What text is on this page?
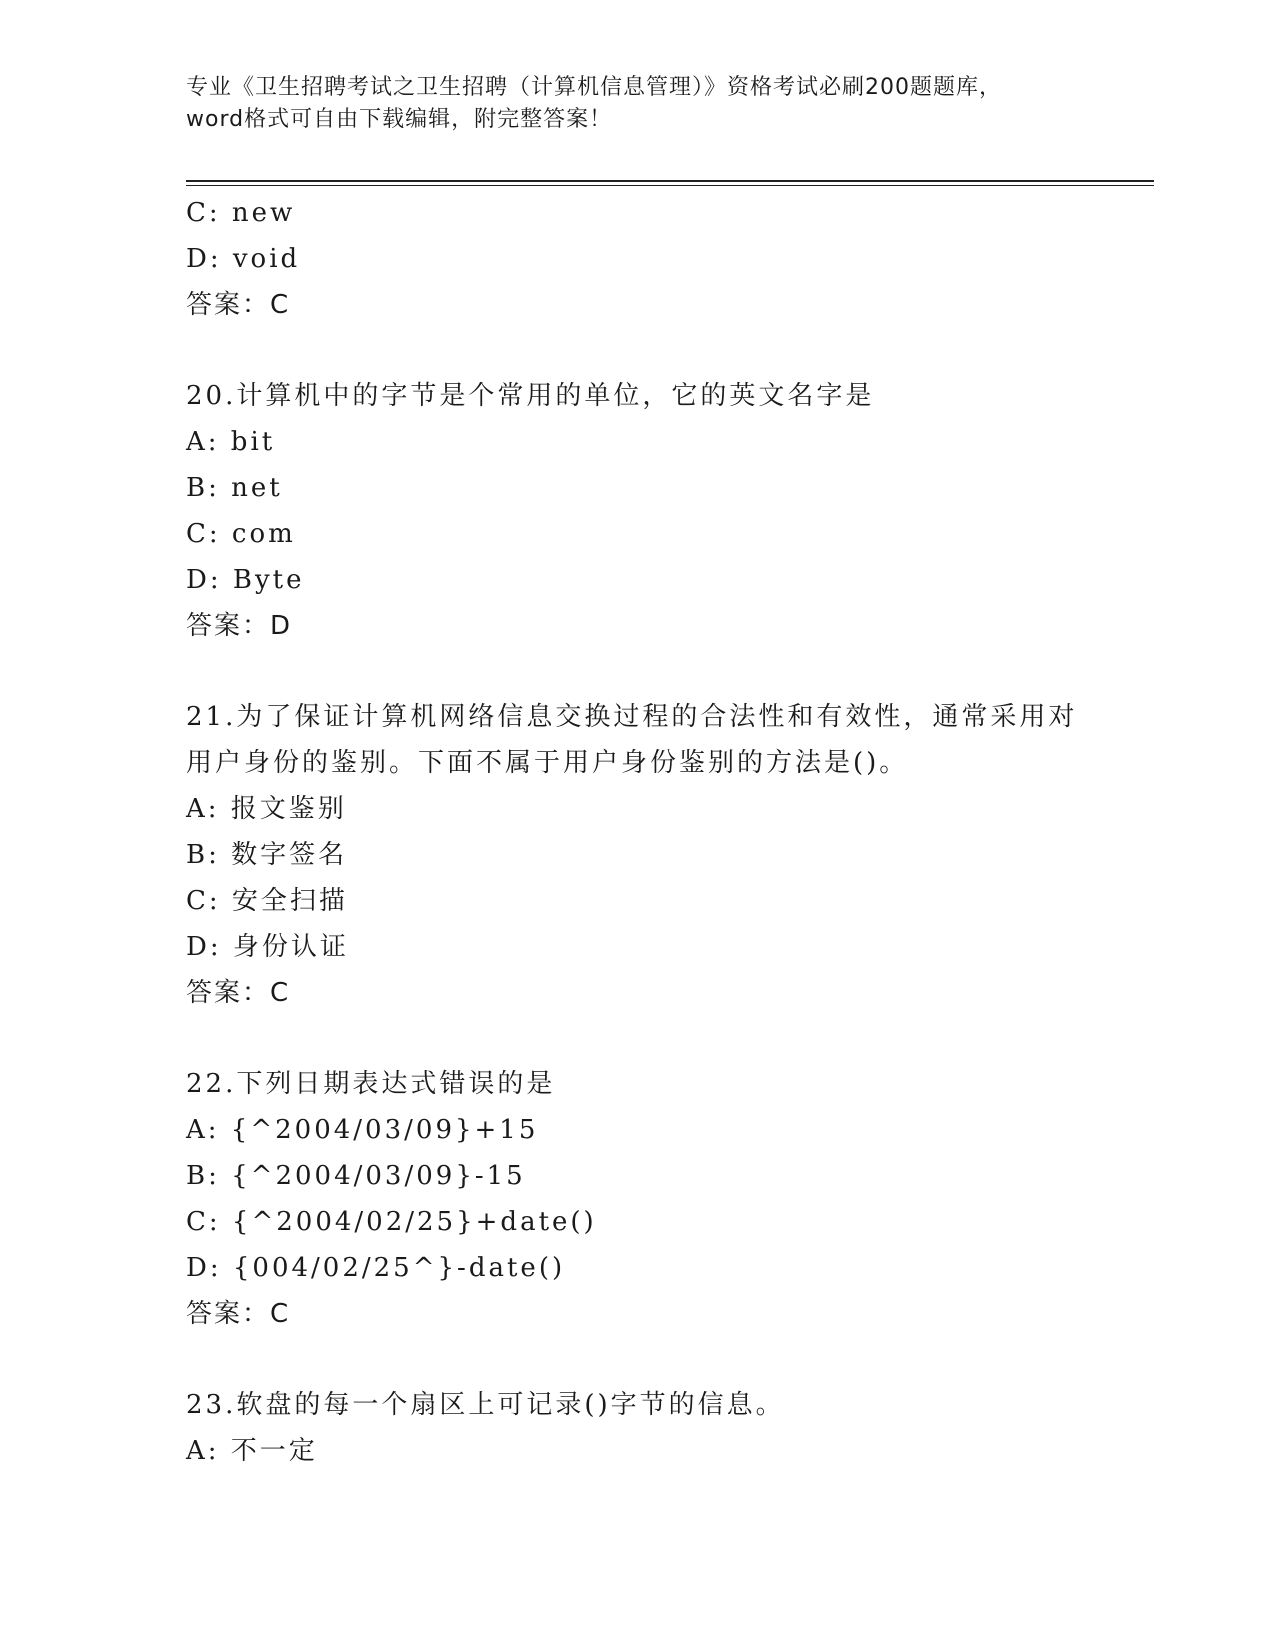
专业《卫生招聘考试之卫生招聘（计算机信息管理）》资格考试必刷200题题库，
word格式可自由下载编辑，附完整答案！
C: new
D: void
答案：C
20.计算机中的字节是个常用的单位，它的英文名字是
A: bit
B: net
C: com
D: Byte
答案：D
21.为了保证计算机网络信息交换过程的合法性和有效性，通常采用对
用户身份的鉴别。下面不属于用户身份鉴别的方法是()。
A: 报文鉴别
B: 数字签名
C: 安全扫描
D: 身份认证
答案：C
22.下列日期表达式错误的是
A: {^2004/03/09}+15
B: {^2004/03/09}-15
C: {^2004/02/25}+date()
D: {004/02/25^}-date()
答案：C
23.软盘的每一个扇区上可记录()字节的信息。
A: 不一定
